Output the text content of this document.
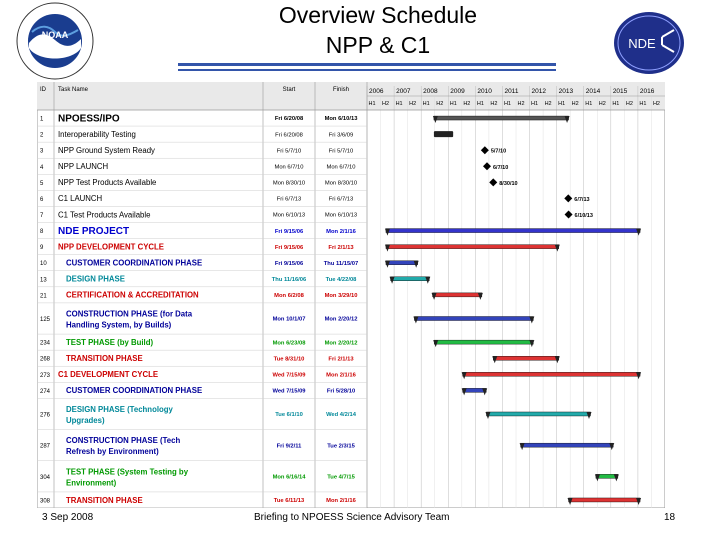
Overview Schedule
NPP & C1
NOAA
NDE
ID Task Name	Start	Finish	2006
H1 H2
2007
H1 H2
2008
H1 H2
2009
H1 H2
2010
H1 H2
2011
H1 H2
2012
H1 H2
2013
H1 H2
2014
H1 H2
2015
H1 H2
2016
H1 H2
1 NPOESS/IPO	Fri 6/20/08	Mon 6/10/13
2 Interoperability Testing	Fri 6/20/08	Fri 3/6/09
3 NPP Ground System Ready	Fri 5/7/10	Fri 5/7/10	5/7/10
4 NPP LAUNCH	Mon 6/7/10	Mon 6/7/10	6/7/10
5 NPP Test Products Available	Mon 8/30/10	Mon 8/30/10	8/30/10
6 C1 LAUNCH	Fri 6/7/13	Fri 6/7/13	6/7/13
7 C1 Test Products Available	Mon 6/10/13	Mon 6/10/13	6/10/13
8 NDE PROJECT	Fri 9/15/06	Mon 2/1/16
9 NPP DEVELOPMENT CYCLE	Fri 9/15/06	Fri 2/1/13
10 CUSTOMER COORDINATION PHASE	Fri 9/15/06	Thu 11/15/07
13 DESIGN PHASE	Thu 11/16/06	Tue 4/22/08
21 CERTIFICATION & ACCREDITATION	Mon 6/2/08	Mon 3/29/10
125
CONSTRUCTION PHASE (for Data
Handling System, by Builds)
Mon 10/1/07	Mon 2/20/12
234 TEST PHASE (by Build)	Mon 6/23/08	Mon 2/20/12
268 TRANSITION PHASE	Tue 8/31/10	Fri 2/1/13
273 C1 DEVELOPMENT CYCLE	Wed 7/15/09	Mon 2/1/16
274 CUSTOMER COORDINATION PHASE	Wed 7/15/09	Fri 5/28/10
276
DESIGN PHASE (Technology
Upgrades)
Tue 6/1/10	Wed 4/2/14
287
CONSTRUCTION PHASE (Tech
Refresh by Environment)
Fri 9/2/11	Tue 2/3/15
304
TEST PHASE (System Testing by
Environment)
Mon 6/16/14	Tue 4/7/15
308 TRANSITION PHASE	Tue 6/11/13	Mon 2/1/16
3 Sep 2008	Briefing to NPOESS Science Advisory Team	18
